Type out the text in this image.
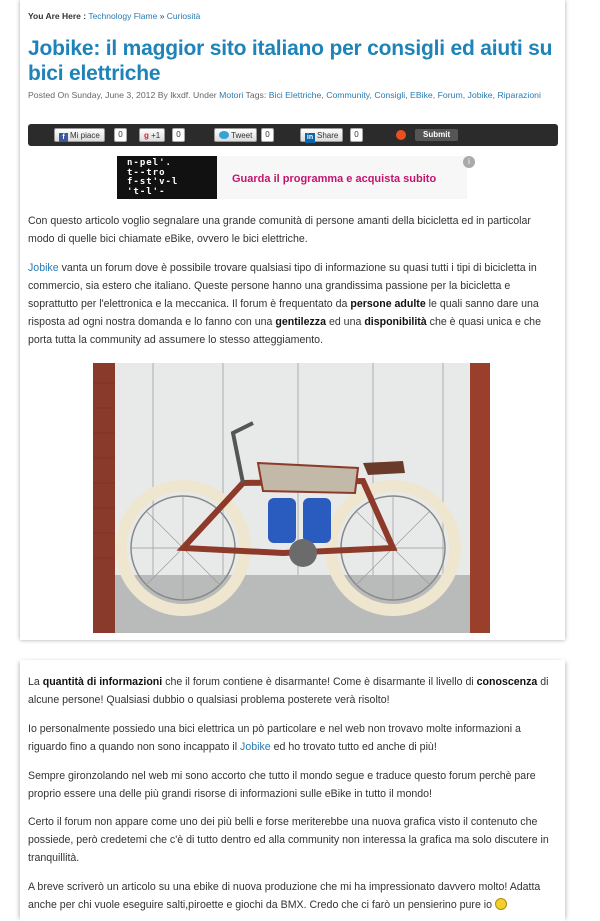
You Are Here : Technology Flame » Curiosità
Jobike: il maggior sito italiano per consigli ed aiuti su bici elettriche
Posted On Sunday, June 3, 2012 By lkxdf. Under Motori Tags: Bici Elettriche, Community, Consigli, EBike, Forum, Jobike, Riparazioni
f Mi piace	0	g +1	0	Tweet	0	in Share	0	Submit
n-pel'.
t--tro
f-st'v-l
't-l'-
Guarda il programma e acquista subito
i

Con questo articolo voglio segnalare una grande comunità di persone amanti della bicicletta ed in particolar modo di quelle bici chiamate eBike, ovvero le bici elettriche.

Jobike vanta un forum dove è possibile trovare qualsiasi tipo di informazione su quasi tutti i tipi di bicicletta in commercio, sia estero che italiano. Queste persone hanno una grandissima passione per la bicicletta e soprattutto per l'elettronica e la meccanica. Il forum è frequentato da persone adulte le quali sanno dare una risposta ad ogni nostra domanda e lo fanno con una gentilezza ed una disponibilità che è quasi unica e che porta tutta la community ad assumere lo stesso atteggiamento.

La quantità di informazioni che il forum contiene è disarmante! Come è disarmante il livello di conoscenza di alcune persone! Qualsiasi dubbio o qualsiasi problema posterete verà risolto!

Io personalmente possiedo una bici elettrica un pò particolare e nel web non trovavo molte informazioni a riguardo fino a quando non sono incappato il Jobike ed ho trovato tutto ed anche di più!

Sempre gironzolando nel web mi sono accorto che tutto il mondo segue e traduce questo forum perchè pare proprio essere una delle più grandi risorse di informazioni sulle eBike in tutto il mondo!

Certo il forum non appare come uno dei più belli e forse meriterebbe una nuova grafica visto il contenuto che possiede, però credetemi che c'è di tutto dentro ed alla community non interessa la grafica ma solo discutere in tranquillità.

A breve scriverò un articolo su una ebike di nuova produzione che mi ha impressionato davvero molto! Adatta anche per chi vuole eseguire salti,piroette e giochi da BMX. Credo che ci farò un pensierino pure io
